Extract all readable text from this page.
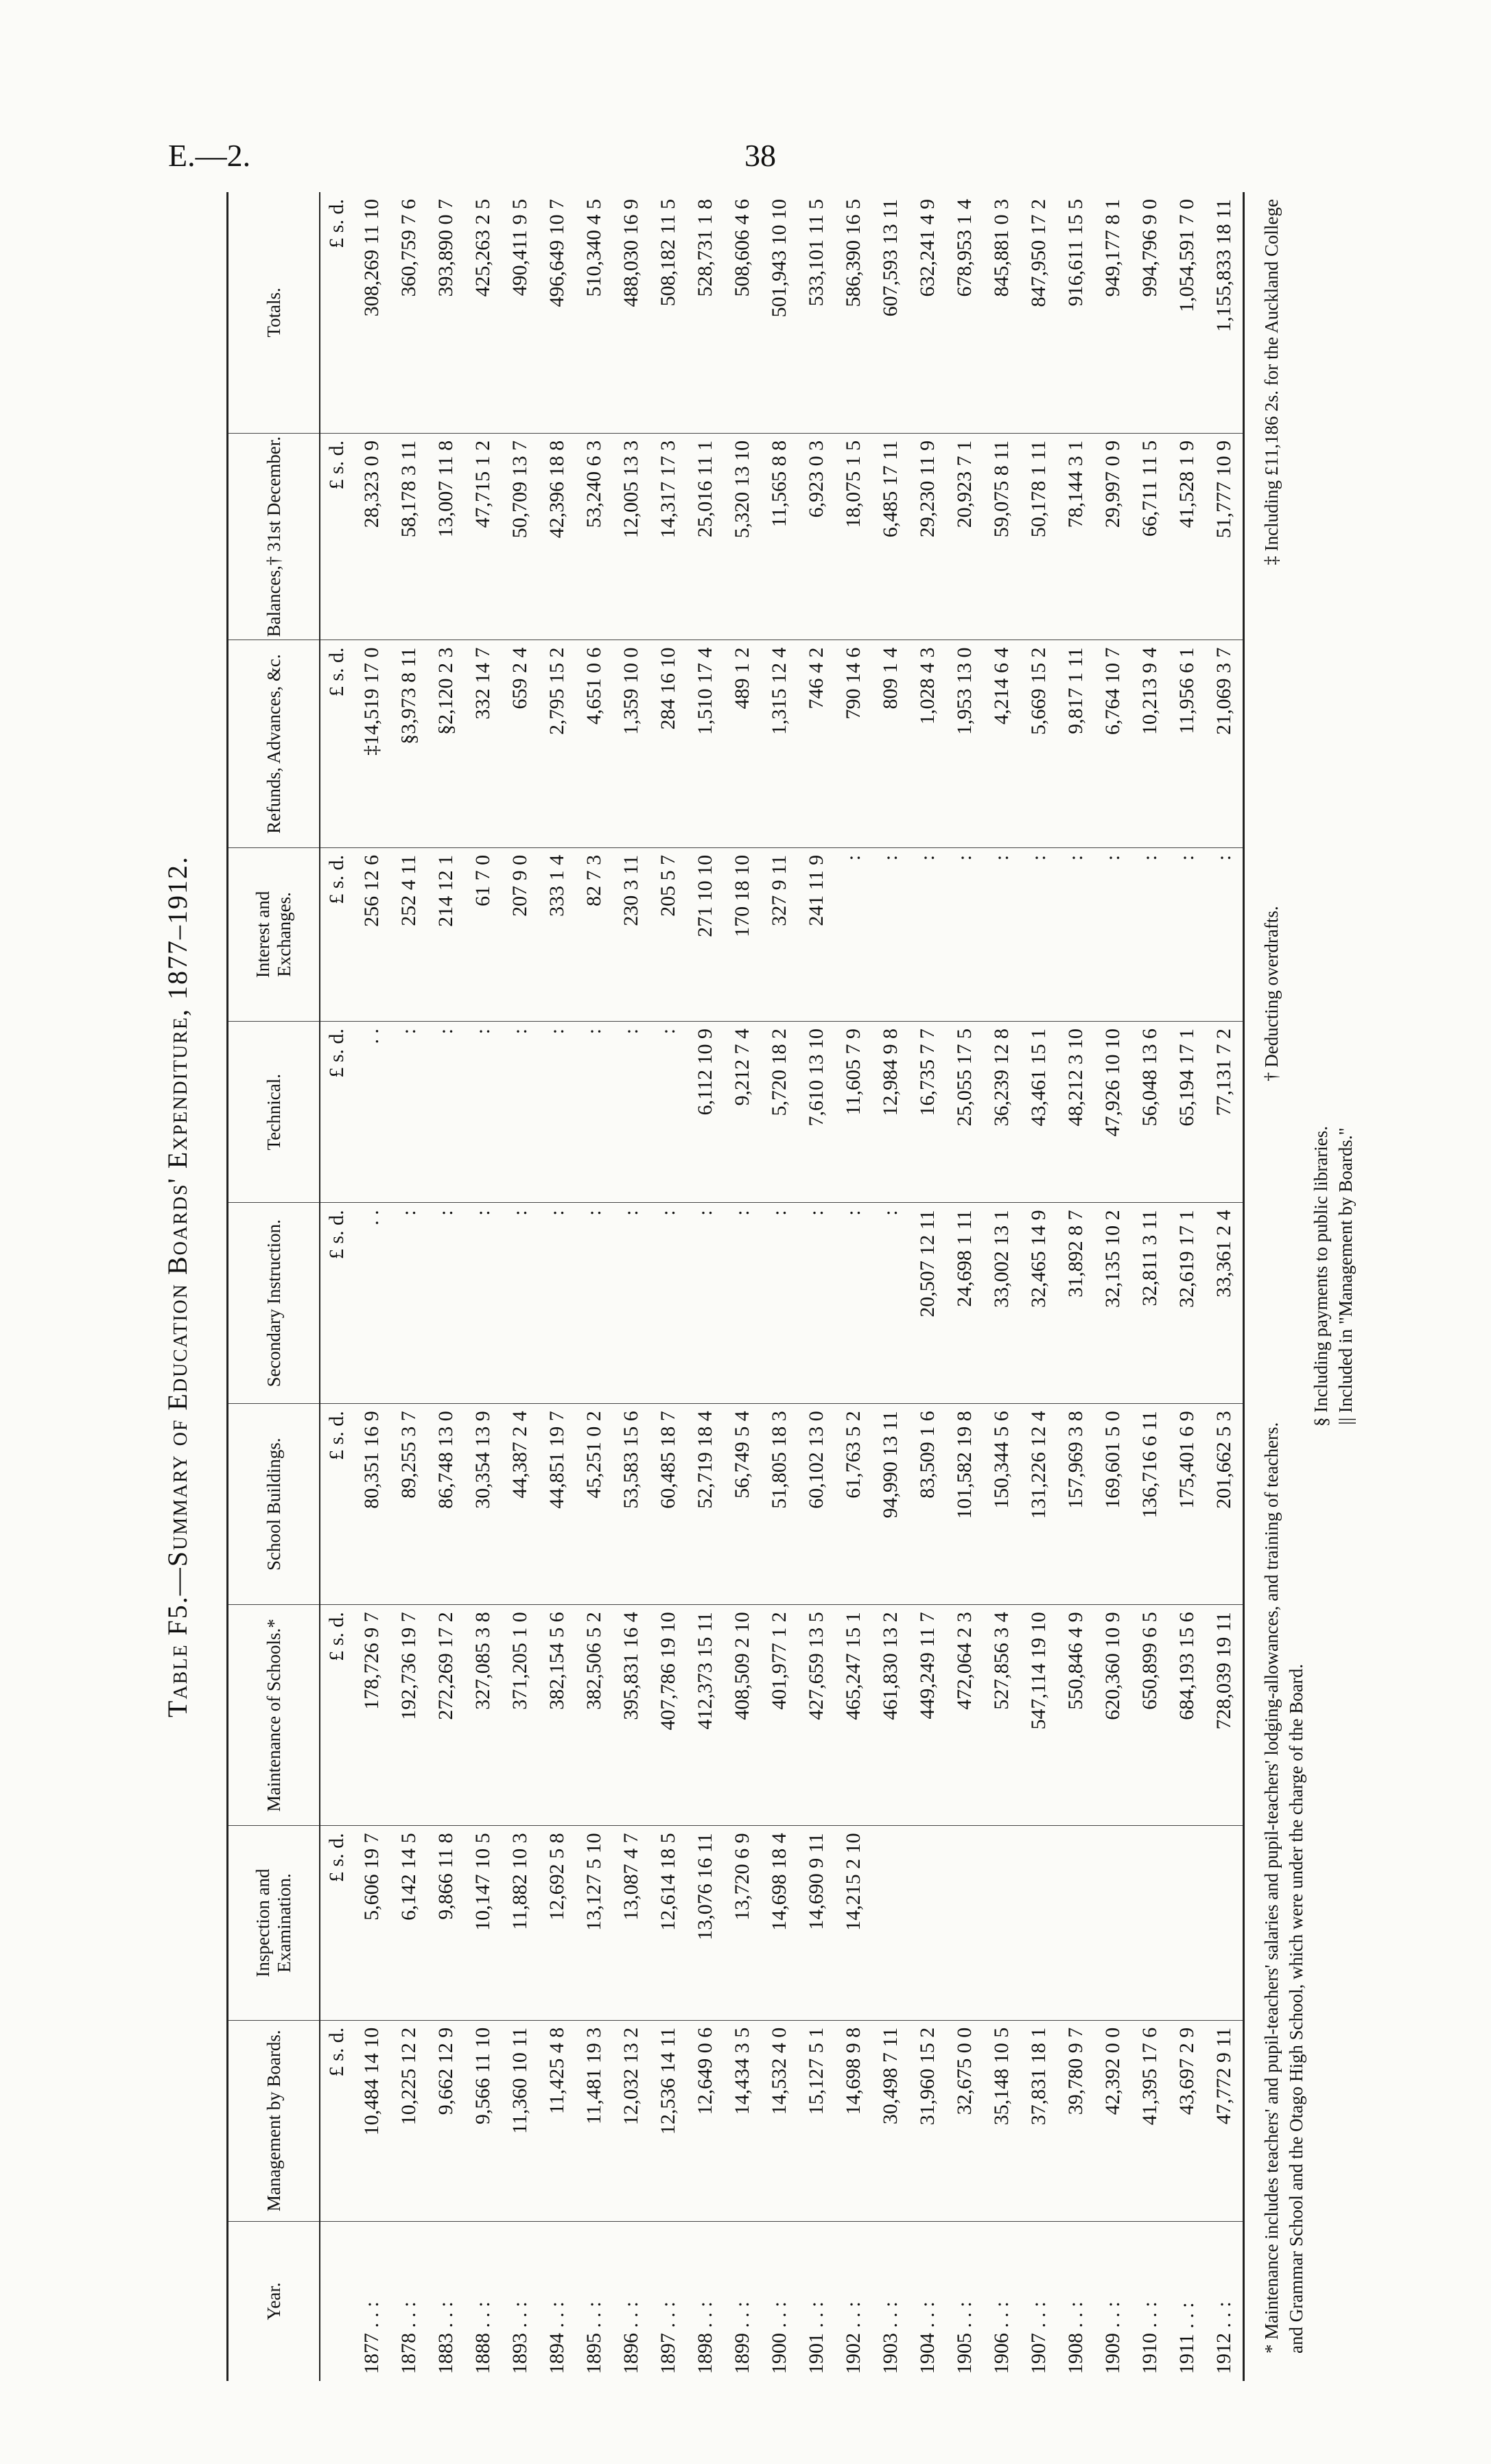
E.—2.	38
Table F5.—Summary of Education Boards' Expenditure, 1877–1912.
Year.	Management by Boards.	Inspection and Examination.	Maintenance of Schools.*	School Buildings.	Secondary Instruction.	Technical.	Interest and Exchanges.	Refunds, Advances, &c.	Balances,† 31st December.	Totals.
	£ s. d.	£ s. d.	£ s. d.	£ s. d.	£ s. d.	£ s. d.	£ s. d.	£ s. d.	£ s. d.	£ s. d.
1877 . . :	10,484 14 10	5,606 19 7	178,726 9 7	80,351 16 9	. .	. .	256 12 6	‡14,519 17 0	28,323 0 9	308,269 11 10
1878 . . :	10,225 12 2	6,142 14 5	192,736 19 7	89,255 3 7	:	:	252 4 11	§3,973 8 11	58,178 3 11	360,759 7 6
1883 . . :	9,662 12 9	9,866 11 8	272,269 17 2	86,748 13 0	:	:	214 12 1	§2,120 2 3	13,007 11 8	393,890 0 7
1888 . . :	9,566 11 10	10,147 10 5	327,085 3 8	30,354 13 9	:	:	61 7 0	332 14 7	47,715 1 2	425,263 2 5
1893 . . :	11,360 10 11	11,882 10 3	371,205 1 0	44,387 2 4	:	:	207 9 0	659 2 4	50,709 13 7	490,411 9 5
1894 . . :	11,425 4 8	12,692 5 8	382,154 5 6	44,851 19 7	:	:	333 1 4	2,795 15 2	42,396 18 8	496,649 10 7
1895 . . :	11,481 19 3	13,127 5 10	382,506 5 2	45,251 0 2	:	:	82 7 3	4,651 0 6	53,240 6 3	510,340 4 5
1896 . . :	12,032 13 2	13,087 4 7	395,831 16 4	53,583 15 6	:	:	230 3 11	1,359 10 0	12,005 13 3	488,030 16 9
1897 . . :	12,536 14 11	12,614 18 5	407,786 19 10	60,485 18 7	:	:	205 5 7	284 16 10	14,317 17 3	508,182 11 5
1898 . . :	12,649 0 6	13,076 16 11	412,373 15 11	52,719 18 4	:	6,112 10 9	271 10 10	1,510 17 4	25,016 11 1	528,731 1 8
1899 . . :	14,434 3 5	13,720 6 9	408,509 2 10	56,749 5 4	:	9,212 7 4	170 18 10	489 1 2	5,320 13 10	508,606 4 6
1900 . . :	14,532 4 0	14,698 18 4	401,977 1 2	51,805 18 3	:	5,720 18 2	327 9 11	1,315 12 4	11,565 8 8	501,943 10 10
1901 . . :	15,127 5 1	14,690 9 11	427,659 13 5	60,102 13 0	:	7,610 13 10	241 11 9	746 4 2	6,923 0 3	533,101 11 5
1902 . . :	14,698 9 8	14,215 2 10	465,247 15 1	61,763 5 2	:	11,605 7 9	:	790 14 6	18,075 1 5	586,390 16 5
1903 . . :	30,498 7 11		461,830 13 2	94,990 13 11	:	12,984 9 8	:	809 1 4	6,485 17 11	607,593 13 11
1904 . . :	31,960 15 2		449,249 11 7	83,509 1 6	20,507 12 11	16,735 7 7	:	1,028 4 3	29,230 11 9	632,241 4 9
1905 . . :	32,675 0 0		472,064 2 3	101,582 19 8	24,698 1 11	25,055 17 5	:	1,953 13 0	20,923 7 1	678,953 1 4
1906 . . :	35,148 10 5		527,856 3 4	150,344 5 6	33,002 13 1	36,239 12 8	:	4,214 6 4	59,075 8 11	845,881 0 3
1907 . . :	37,831 18 1		547,114 19 10	131,226 12 4	32,465 14 9	43,461 15 1	:	5,669 15 2	50,178 1 11	847,950 17 2
1908 . . :	39,780 9 7		550,846 4 9	157,969 3 8	31,892 8 7	48,212 3 10	:	9,817 1 11	78,144 3 1	916,611 15 5
1909 . . :	42,392 0 0		620,360 10 9	169,601 5 0	32,135 10 2	47,926 10 10	:	6,764 10 7	29,997 0 9	949,177 8 1
1910 . . :	41,395 17 6		650,899 6 5	136,716 6 11	32,811 3 11	56,048 13 6	:	10,213 9 4	66,711 11 5	994,796 9 0
1911 . . :	43,697 2 9		684,193 15 6	175,401 6 9	32,619 17 1	65,194 17 1	:	11,956 6 1	41,528 1 9	1,054,591 7 0
1912 . . :	47,772 9 11		728,039 19 11	201,662 5 3	33,361 2 4	77,131 7 2	:	21,069 3 7	51,777 10 9	1,155,833 18 11
* Maintenance includes teachers' and pupil-teachers' salaries and pupil-teachers' lodging-allowances, and training of teachers.
† Deducting overdrafts.
‡ Including £11,186 2s. for the Auckland College
and Grammar School and the Otago High School, which were under the charge of the Board.
§ Including payments to public libraries. || Included in "Management by Boards."
